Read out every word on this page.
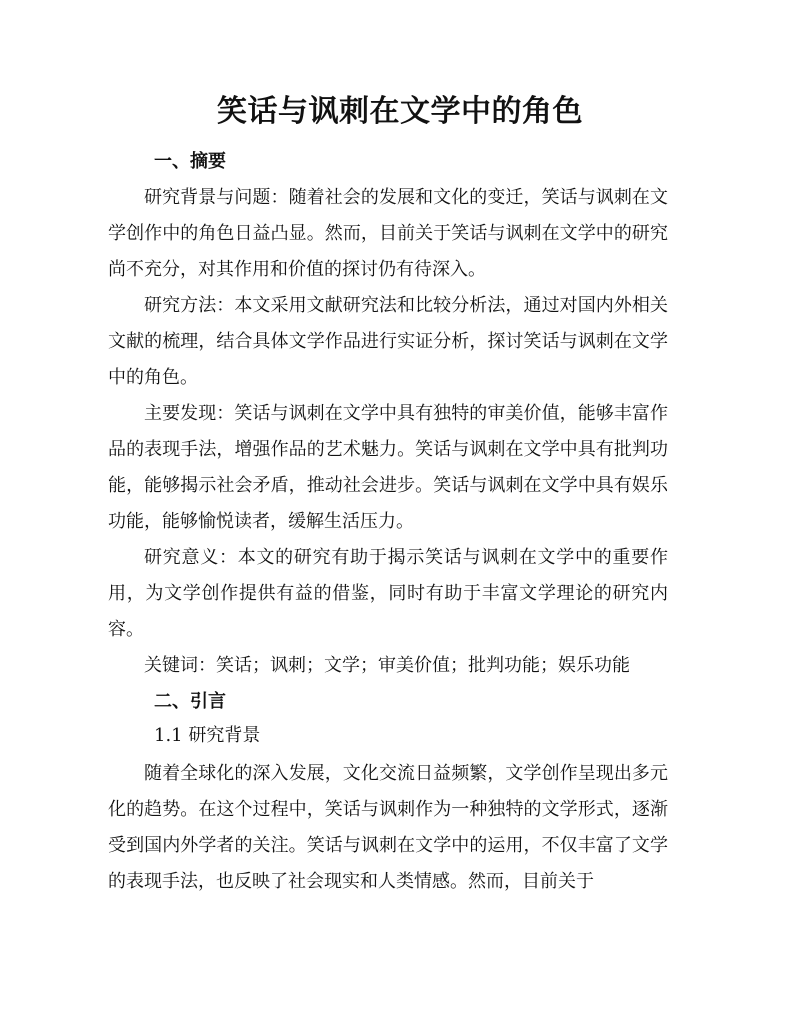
笑话与讽刺在文学中的角色
一、摘要

研究背景与问题：随着社会的发展和文化的变迁，笑话与讽刺在文学创作中的角色日益凸显。然而，目前关于笑话与讽刺在文学中的研究尚不充分，对其作用和价值的探讨仍有待深入。

研究方法：本文采用文献研究法和比较分析法，通过对国内外相关文献的梳理，结合具体文学作品进行实证分析，探讨笑话与讽刺在文学中的角色。

主要发现：笑话与讽刺在文学中具有独特的审美价值，能够丰富作品的表现手法，增强作品的艺术魅力。笑话与讽刺在文学中具有批判功能，能够揭示社会矛盾，推动社会进步。笑话与讽刺在文学中具有娱乐功能，能够愉悦读者，缓解生活压力。

研究意义：本文的研究有助于揭示笑话与讽刺在文学中的重要作用，为文学创作提供有益的借鉴，同时有助于丰富文学理论的研究内容。

关键词：笑话；讽刺；文学；审美价值；批判功能；娱乐功能

二、引言
1.1 研究背景

随着全球化的深入发展，文化交流日益频繁，文学创作呈现出多元化的趋势。在这个过程中，笑话与讽刺作为一种独特的文学形式，逐渐受到国内外学者的关注。笑话与讽刺在文学中的运用，不仅丰富了文学的表现手法，也反映了社会现实和人类情感。然而，目前关于
